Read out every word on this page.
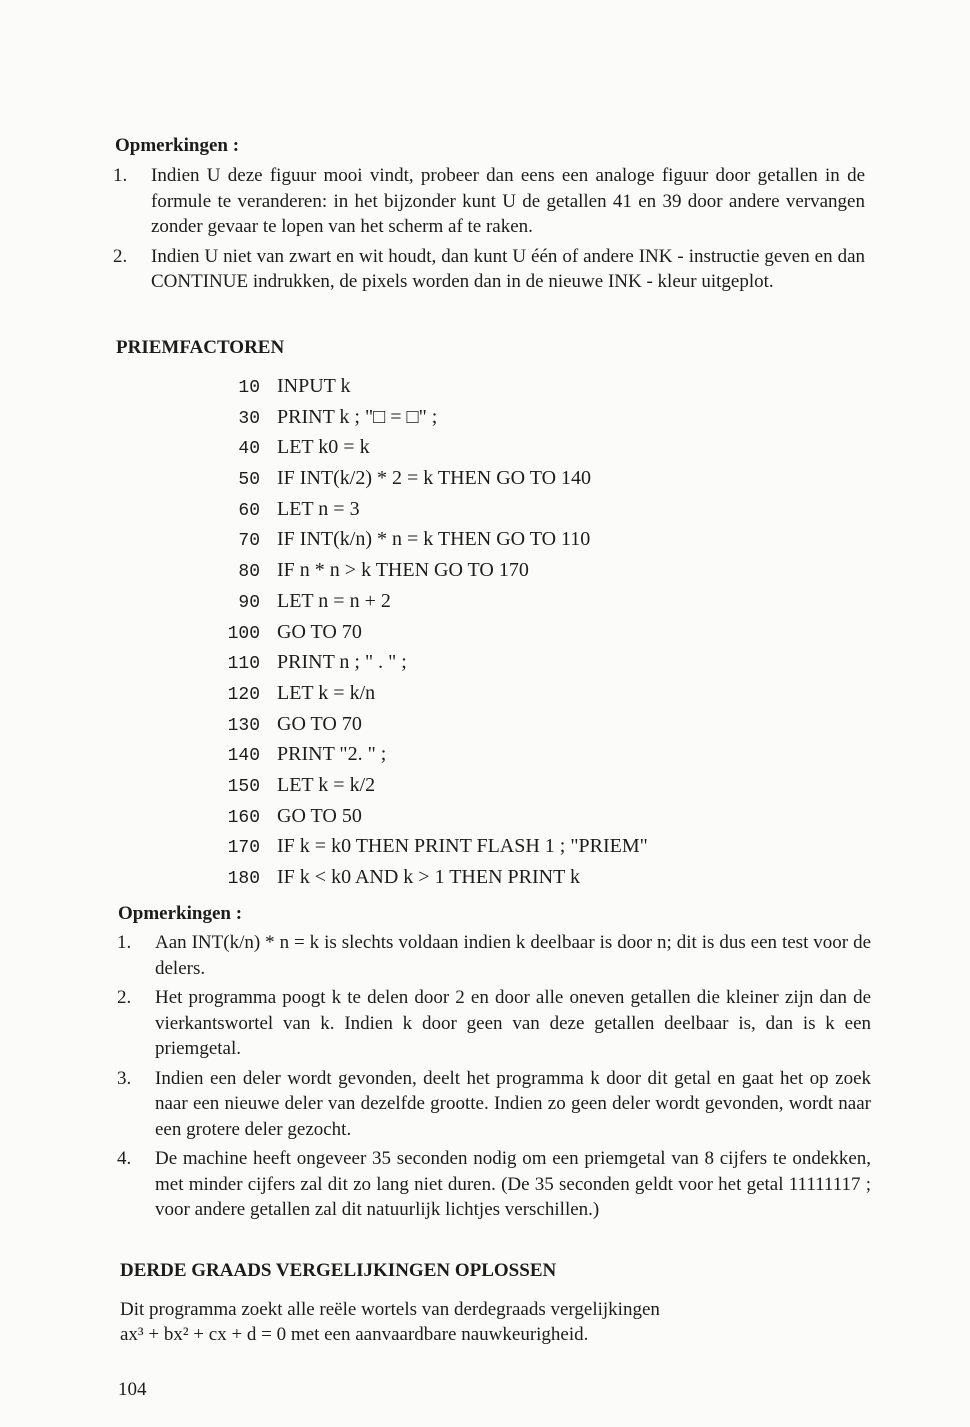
Opmerkingen :
1. Indien U deze figuur mooi vindt, probeer dan eens een analoge figuur door getallen in de formule te veranderen: in het bijzonder kunt U de getallen 41 en 39 door andere vervangen zonder gevaar te lopen van het scherm af te raken.
2. Indien U niet van zwart en wit houdt, dan kunt U één of andere INK - instructie geven en dan CONTINUE indrukken, de pixels worden dan in de nieuwe INK - kleur uitgeplot.
PRIEMFACTOREN
10 INPUT k
30 PRINT k ; "□ = □" ;
40 LET k0 = k
50 IF INT(k/2) * 2 = k THEN GO TO 140
60 LET n = 3
70 IF INT(k/n) * n = k THEN GO TO 110
80 IF n * n > k THEN GO TO 170
90 LET n = n + 2
100 GO TO 70
110 PRINT n ; " . " ;
120 LET k = k/n
130 GO TO 70
140 PRINT "2. " ;
150 LET k = k/2
160 GO TO 50
170 IF k = k0 THEN PRINT FLASH 1 ; "PRIEM"
180 IF k < k0 AND k > 1 THEN PRINT k
Opmerkingen :
1. Aan INT(k/n) * n = k is slechts voldaan indien k deelbaar is door n; dit is dus een test voor de delers.
2. Het programma poogt k te delen door 2 en door alle oneven getallen die kleiner zijn dan de vierkantswortel van k. Indien k door geen van deze getallen deelbaar is, dan is k een priemgetal.
3. Indien een deler wordt gevonden, deelt het programma k door dit getal en gaat het op zoek naar een nieuwe deler van dezelfde grootte. Indien zo geen deler wordt gevonden, wordt naar een grotere deler gezocht.
4. De machine heeft ongeveer 35 seconden nodig om een priemgetal van 8 cijfers te ondekken, met minder cijfers zal dit zo lang niet duren. (De 35 seconden geldt voor het getal 11111117 ; voor andere getallen zal dit natuurlijk lichtjes verschillen.)
DERDE GRAADS VERGELIJKINGEN OPLOSSEN

Dit programma zoekt alle reële wortels van derdegraads vergelijkingen

ax³ + bx² + cx + d = 0 met een aanvaardbare nauwkeurigheid.

104
